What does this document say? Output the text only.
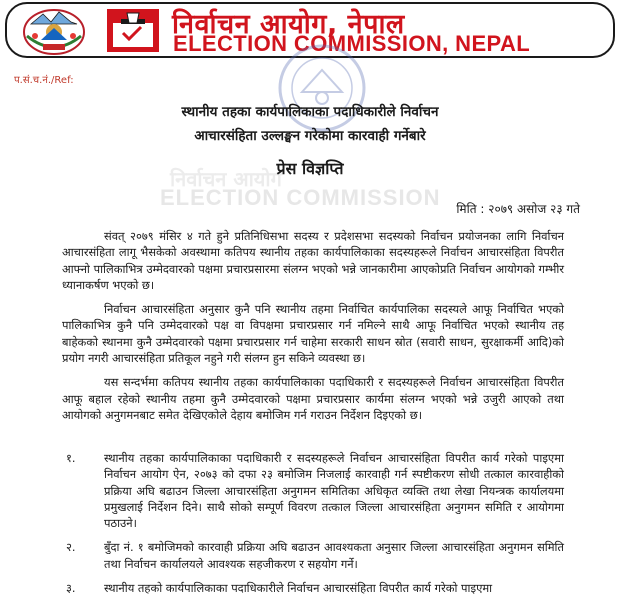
निर्वाचन आयोग, नेपाल
ELECTION COMMISSION, NEPAL
प.सं.च.नं./Ref:
निर्वाचन आयोग
ELECTION COMMISSION
स्थानीय तहका कार्यपालिकाका पदाधिकारीले निर्वाचन
आचारसंहिता उल्लङ्घन गरेकोमा कारवाही गर्नेबारे
प्रेस विज्ञप्ति
मिति : २०७९ असोज २३ गते

संवत् २०७९ मंसिर ४ गते हुने प्रतिनिधिसभा सदस्य र प्रदेशसभा सदस्यको निर्वाचन प्रयोजनका लागि निर्वाचन आचारसंहिता लागू भैसकेको अवस्थामा कतिपय स्थानीय तहका कार्यपालिकाका सदस्यहरूले निर्वाचन आचारसंहिता विपरीत आफ्नो पालिकाभित्र उम्मेदवारको पक्षमा प्रचारप्रसारमा संलग्न भएको भन्ने जानकारीमा आएकोप्रति निर्वाचन आयोगको गम्भीर ध्यानाकर्षण भएको छ।

निर्वाचन आचारसंहिता अनुसार कुनै पनि स्थानीय तहमा निर्वाचित कार्यपालिका सदस्यले आफू निर्वाचित भएको पालिकाभित्र कुनै पनि उम्मेदवारको पक्ष वा विपक्षमा प्रचारप्रसार गर्न नमिल्ने साथै आफू निर्वाचित भएको स्थानीय तह बाहेकको स्थानमा कुनै उम्मेदवारको पक्षमा प्रचारप्रसार गर्न चाहेमा सरकारी साधन स्रोत (सवारी साधन, सुरक्षाकर्मी आदि)को प्रयोग नगरी आचारसंहिता प्रतिकूल नहुने गरी संलग्न हुन सकिने व्यवस्था छ।

यस सन्दर्भमा कतिपय स्थानीय तहका कार्यपालिकाका पदाधिकारी र सदस्यहरूले निर्वाचन आचारसंहिता विपरीत आफू बहाल रहेको स्थानीय तहमा कुनै उम्मेदवारको पक्षमा प्रचारप्रसार कार्यमा संलग्न भएको भन्ने उजुरी आएको तथा आयोगको अनुगमनबाट समेत देखिएकोले देहाय बमोजिम गर्न गराउन निर्देशन दिइएको छ।

१. स्थानीय तहका कार्यपालिकाका पदाधिकारी र सदस्यहरूले निर्वाचन आचारसंहिता विपरीत कार्य गरेको पाइएमा निर्वाचन आयोग ऐन, २०७३ को दफा २३ बमोजिम निजलाई कारवाही गर्न स्पष्टीकरण सोधी तत्काल कारवाहीको प्रक्रिया अघि बढाउन जिल्ला आचारसंहिता अनुगमन समितिका अधिकृत व्यक्ति तथा लेखा नियन्त्रक कार्यालयमा प्रमुखलाई निर्देशन दिने। साथै सोको सम्पूर्ण विवरण तत्काल जिल्ला आचारसंहिता अनुगमन समिति र आयोगमा पठाउने।
२. बुँदा नं. १ बमोजिमको कारवाही प्रक्रिया अघि बढाउन आवश्यकता अनुसार जिल्ला आचारसंहिता अनुगमन समिति तथा निर्वाचन कार्यालयले आवश्यक सहजीकरण र सहयोग गर्ने।
३. स्थानीय तहको कार्यपालिकाका पदाधिकारीले निर्वाचन आचारसंहिता विपरीत कार्य गरेको पाइएमा
